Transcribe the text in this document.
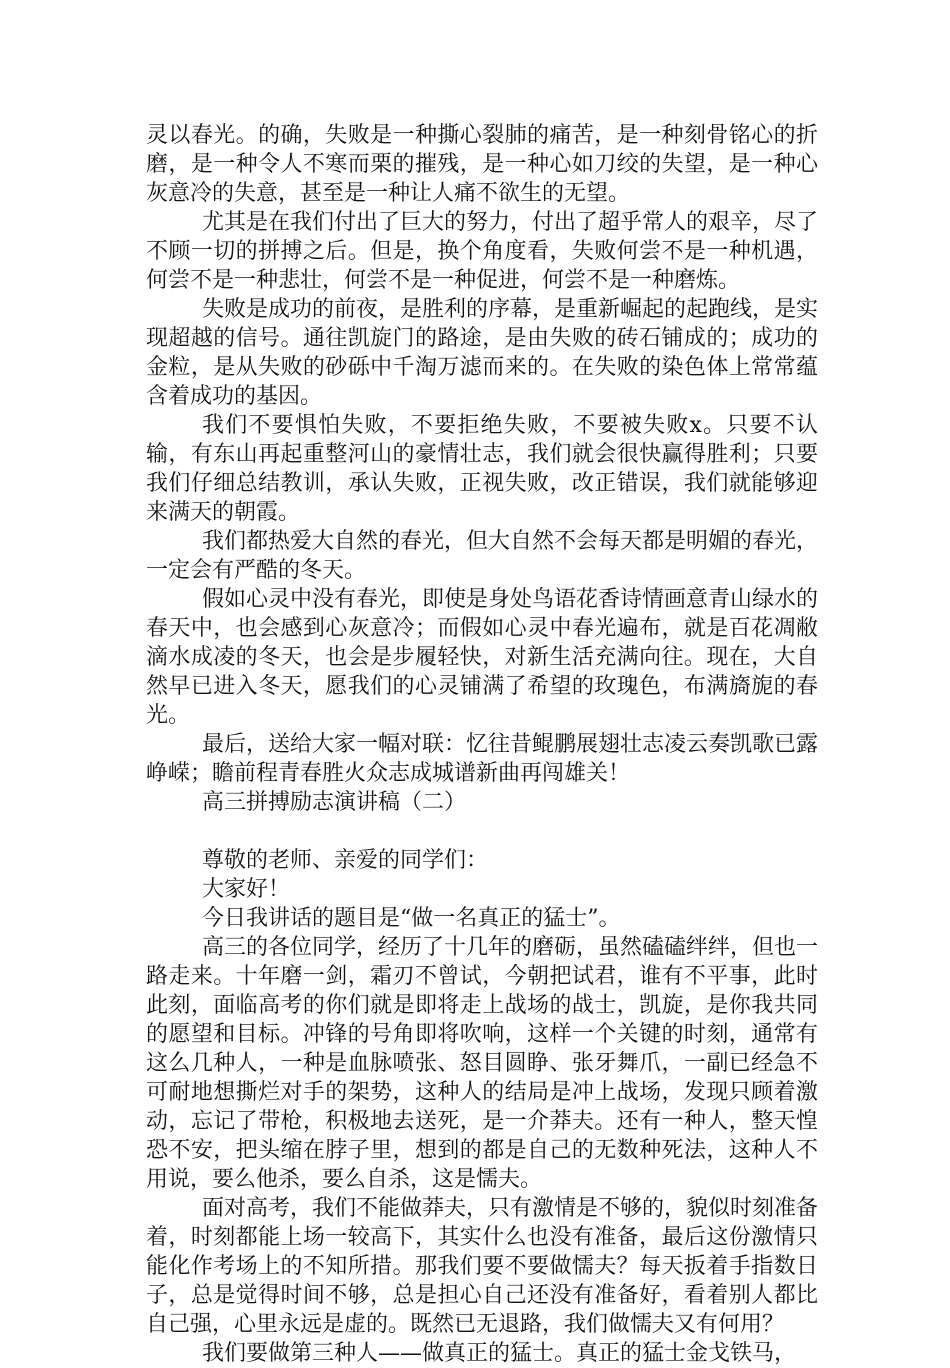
灵以春光。的确，失败是一种撕心裂肺的痛苦，是一种刻骨铭心的折磨，是一种令人不寒而栗的摧残，是一种心如刀绞的失望，是一种心灰意冷的失意，甚至是一种让人痛不欲生的无望。

尤其是在我们付出了巨大的努力，付出了超乎常人的艰辛，尽了不顾一切的拼搏之后。但是，换个角度看，失败何尝不是一种机遇，何尝不是一种悲壮，何尝不是一种促进，何尝不是一种磨炼。

失败是成功的前夜，是胜利的序幕，是重新崛起的起跑线，是实现超越的信号。通往凯旋门的路途，是由失败的砖石铺成的；成功的金粒，是从失败的砂砾中千淘万滤而来的。在失败的染色体上常常蕴含着成功的基因。

我们不要惧怕失败，不要拒绝失败，不要被失败x。只要不认输，有东山再起重整河山的豪情壮志，我们就会很快赢得胜利；只要我们仔细总结教训，承认失败，正视失败，改正错误，我们就能够迎来满天的朝霞。

我们都热爱大自然的春光，但大自然不会每天都是明媚的春光，一定会有严酷的冬天。

假如心灵中没有春光，即使是身处鸟语花香诗情画意青山绿水的春天中，也会感到心灰意冷；而假如心灵中春光遍布，就是百花凋敝滴水成凌的冬天，也会是步履轻快，对新生活充满向往。现在，大自然早已进入冬天，愿我们的心灵铺满了希望的玫瑰色，布满旖旎的春光。

最后，送给大家一幅对联：忆往昔鲲鹏展翅壮志凌云奏凯歌已露峥嵘；瞻前程青春胜火众志成城谱新曲再闯雄关！

高三拼搏励志演讲稿（二）

尊敬的老师、亲爱的同学们：

大家好！

今日我讲话的题目是“做一名真正的猛士”。

高三的各位同学，经历了十几年的磨砺，虽然磕磕绊绊，但也一路走来。十年磨一剑，霜刃不曾试，今朝把试君，谁有不平事，此时此刻，面临高考的你们就是即将走上战场的战士，凯旋，是你我共同的愿望和目标。冲锋的号角即将吹响，这样一个关键的时刻，通常有这么几种人，一种是血脉喷张、怒目圆睁、张牙舞爪，一副已经急不可耐地想撕烂对手的架势，这种人的结局是冲上战场，发现只顾着激动，忘记了带枪，积极地去送死，是一介莽夫。还有一种人，整天惶恐不安，把头缩在脖子里，想到的都是自己的无数种死法，这种人不用说，要么他杀，要么自杀，这是懦夫。

面对高考，我们不能做莽夫，只有激情是不够的，貌似时刻准备着，时刻都能上场一较高下，其实什么也没有准备，最后这份激情只能化作考场上的不知所措。那我们要不要做懦夫？每天扳着手指数日子，总是觉得时间不够，总是担心自己还没有准备好，看着别人都比自己强，心里永远是虚的。既然已无退路，我们做懦夫又有何用？

我们要做第三种人——做真正的猛士。真正的猛士金戈铁马，
